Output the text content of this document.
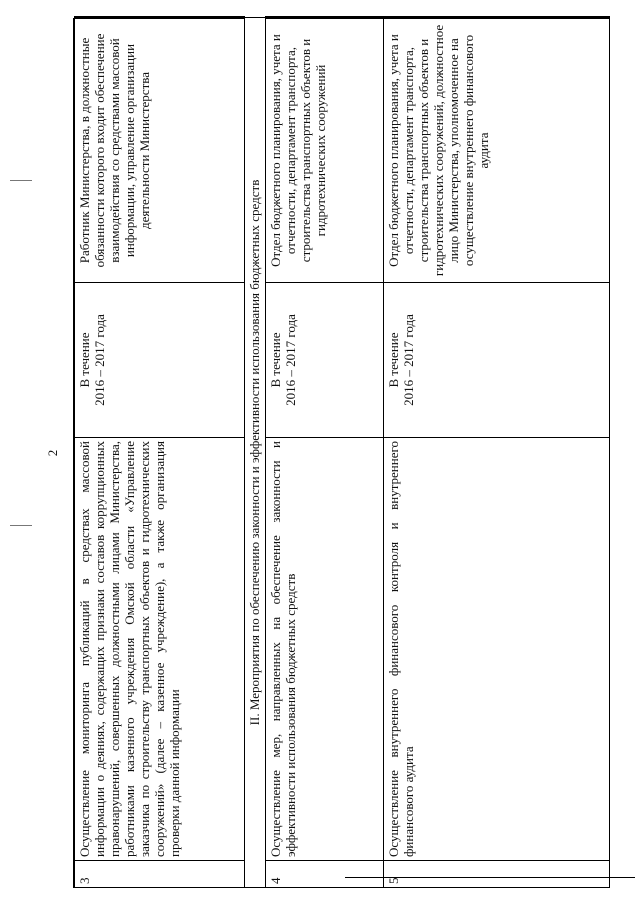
2
3	Осуществление мониторинга публикаций в средствах массовой информации о деяниях, содержащих признаки составов коррупционных правонарушений, совершенных должностными лицами Министерства, работниками казенного учреждения Омской области «Управление заказчика по строительству транспортных объектов и гидротехнических сооружений» (далее – казенное учреждение), а также организация проверки данной информации	В течение 2016 – 2017 года	Работник Министерства, в должностные обязанности которого входит обеспечение взаимодействия со средствами массовой информации, управление организации деятельности Министерства
II. Мероприятия по обеспечению законности и эффективности использования бюджетных средств			
4	Осуществление мер, направленных на обеспечение законности и эффективности использования бюджетных средств	В течение 2016 – 2017 года	Отдел бюджетного планирования, учета и отчетности, департамент транспорта, строительства транспортных объектов и гидротехнических сооружений
5	Осуществление внутреннего финансового контроля и внутреннего финансового аудита	В течение 2016 – 2017 года	Отдел бюджетного планирования, учета и отчетности, департамент транспорта, строительства транспортных объектов и гидротехнических сооружений, должностное лицо Министерства, уполномоченное на осуществление внутреннего финансового аудита
